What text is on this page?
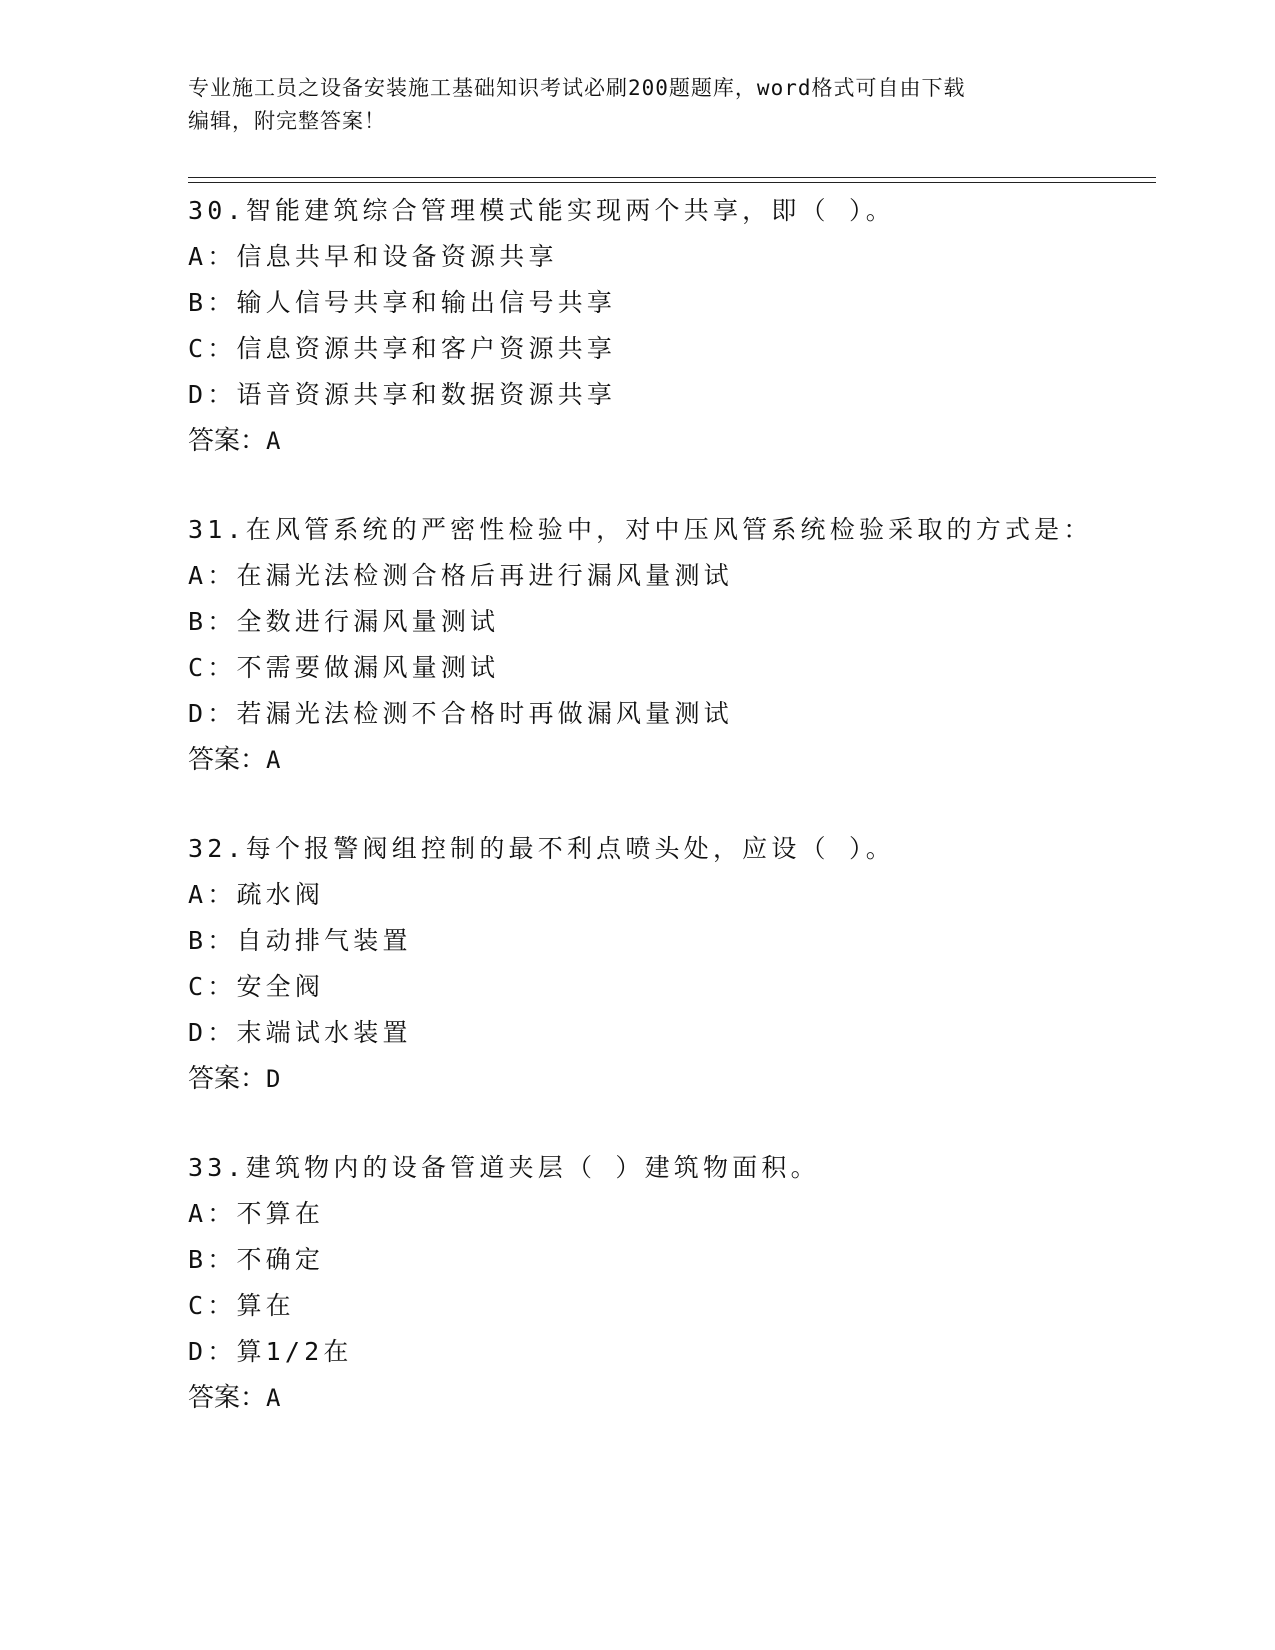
专业施工员之设备安装施工基础知识考试必刷200题题库，word格式可自由下载
编辑，附完整答案！
30.智能建筑综合管理模式能实现两个共享，即（ ）。
A：信息共早和设备资源共享
B：输人信号共享和输出信号共享
C：信息资源共享和客户资源共享
D：语音资源共享和数据资源共享
答案：A
31.在风管系统的严密性检验中，对中压风管系统检验采取的方式是：
A：在漏光法检测合格后再进行漏风量测试
B：全数进行漏风量测试
C：不需要做漏风量测试
D：若漏光法检测不合格时再做漏风量测试
答案：A
32.每个报警阀组控制的最不利点喷头处，应设（ ）。
A：疏水阀
B：自动排气装置
C：安全阀
D：末端试水装置
答案：D
33.建筑物内的设备管道夹层（ ）建筑物面积。
A：不算在
B：不确定
C：算在
D：算1/2在
答案：A
